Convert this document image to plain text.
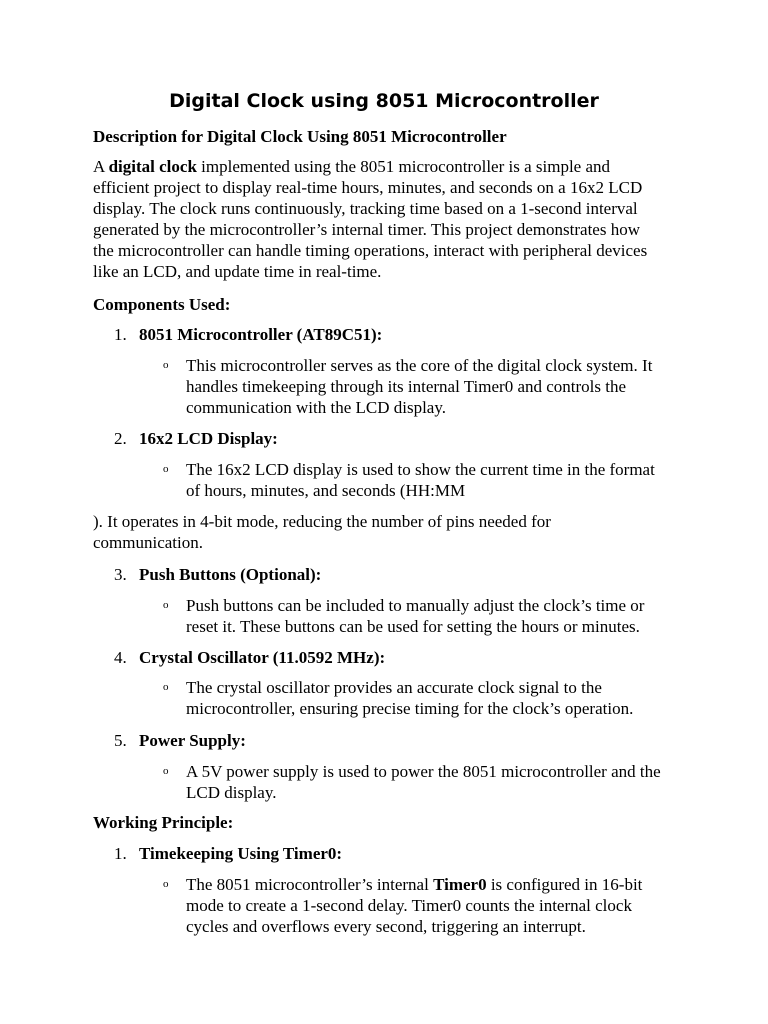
Digital Clock using 8051 Microcontroller
Description for Digital Clock Using 8051 Microcontroller
A digital clock implemented using the 8051 microcontroller is a simple and efficient project to display real-time hours, minutes, and seconds on a 16x2 LCD display. The clock runs continuously, tracking time based on a 1-second interval generated by the microcontroller’s internal timer. This project demonstrates how the microcontroller can handle timing operations, interact with peripheral devices like an LCD, and update time in real-time.
Components Used:
1. 8051 Microcontroller (AT89C51):
o This microcontroller serves as the core of the digital clock system. It handles timekeeping through its internal Timer0 and controls the communication with the LCD display.
2. 16x2 LCD Display:
o The 16x2 LCD display is used to show the current time in the format of hours, minutes, and seconds (HH:MM
). It operates in 4-bit mode, reducing the number of pins needed for communication.
3. Push Buttons (Optional):
o Push buttons can be included to manually adjust the clock’s time or reset it. These buttons can be used for setting the hours or minutes.
4. Crystal Oscillator (11.0592 MHz):
o The crystal oscillator provides an accurate clock signal to the microcontroller, ensuring precise timing for the clock’s operation.
5. Power Supply:
o A 5V power supply is used to power the 8051 microcontroller and the LCD display.
Working Principle:
1. Timekeeping Using Timer0:
o The 8051 microcontroller’s internal Timer0 is configured in 16-bit mode to create a 1-second delay. Timer0 counts the internal clock cycles and overflows every second, triggering an interrupt.
